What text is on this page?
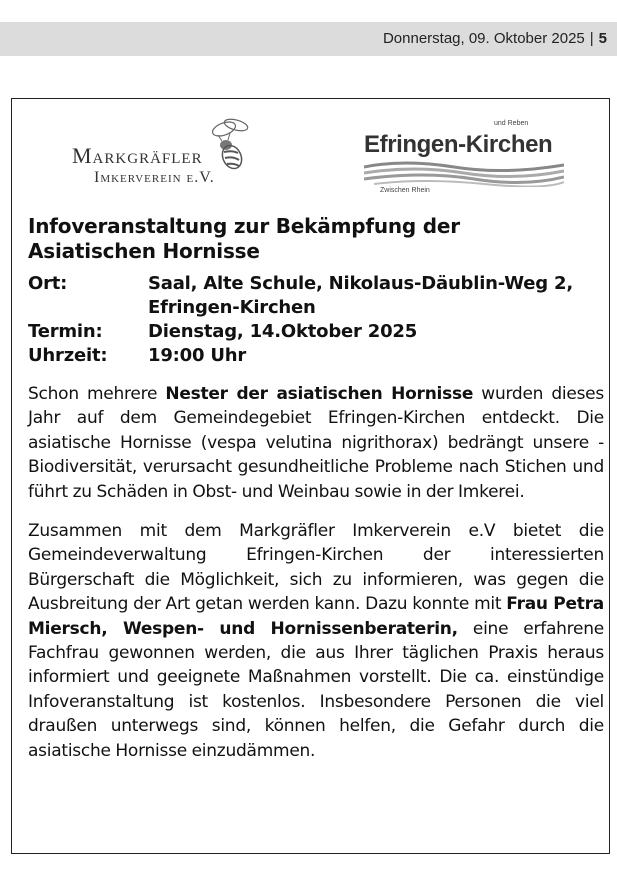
Donnerstag, 09. Oktober 2025 | 5
Markgräfler
Imkerverein e.V.
und Reben
Efringen-Kirchen
Zwischen Rhein
Infoveranstaltung zur Bekämpfung der Asiatischen Hornisse
Ort:	Saal, Alte Schule, Nikolaus-Däublin-Weg 2, Efringen-Kirchen
Termin:	Dienstag, 14.Oktober 2025
Uhrzeit:	19:00 Uhr

Schon mehrere Nester der asiatischen Hornisse wurden dieses Jahr auf dem Gemeindegebiet Efringen-Kirchen entdeckt. Die asiatische Hornisse (vespa velutina nigrithorax) bedrängt unsere - Biodiversität, verursacht gesundheitliche Probleme nach Stichen und führt zu Schäden in Obst- und Weinbau sowie in der Imkerei.

Zusammen mit dem Markgräfler Imkerverein e.V bietet die Gemeindeverwaltung Efringen-Kirchen der interessierten Bürgerschaft die Möglichkeit, sich zu informieren, was gegen die Ausbreitung der Art getan werden kann. Dazu konnte mit Frau Petra Miersch, Wespen- und Hornissenberaterin, eine erfahrene Fachfrau gewonnen werden, die aus Ihrer täglichen Praxis heraus informiert und geeignete Maßnahmen vorstellt. Die ca. einstündige Infoveranstaltung ist kostenlos. Insbesondere Personen die viel draußen unterwegs sind, können helfen, die Gefahr durch die asiatische Hornisse einzudämmen.
